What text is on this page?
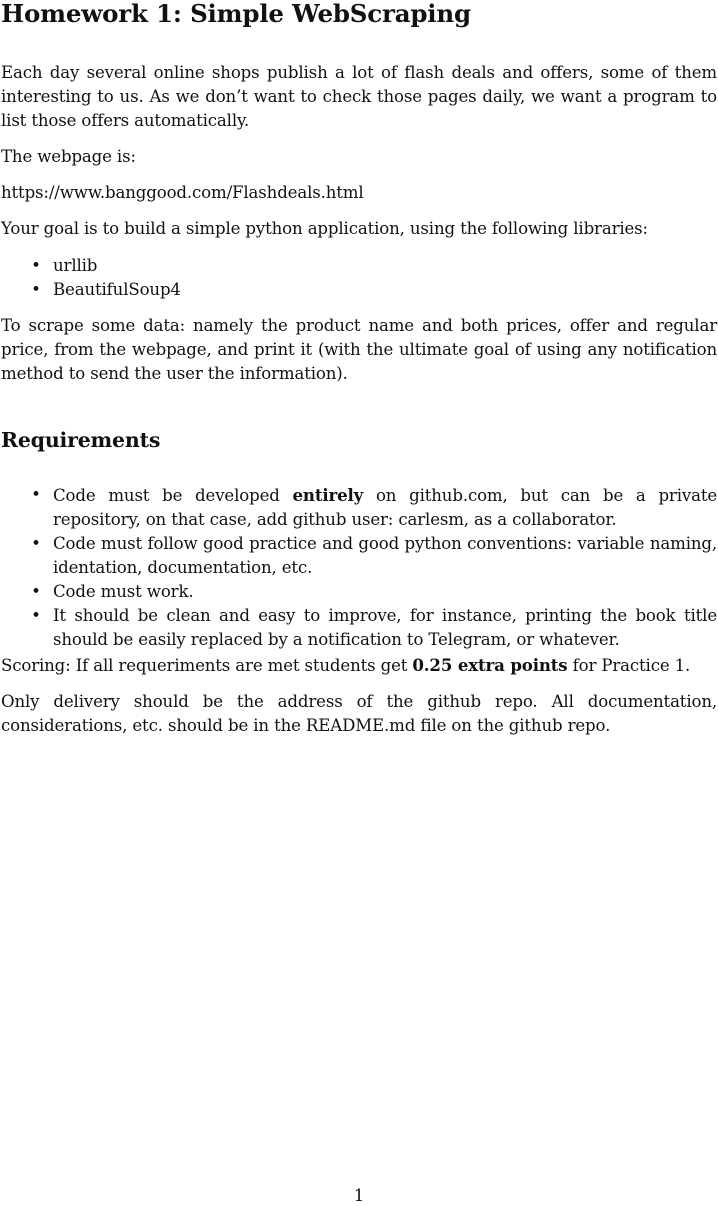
Homework 1: Simple WebScraping

Each day several online shops publish a lot of flash deals and offers, some of them interesting to us. As we don’t want to check those pages daily, we want a program to list those offers automatically.

The webpage is:

https://www.banggood.com/Flashdeals.html

Your goal is to build a simple python application, using the following libraries:

• urllib
• BeautifulSoup4

To scrape some data: namely the product name and both prices, offer and regular price, from the webpage, and print it (with the ultimate goal of using any notification method to send the user the information).

Requirements
• Code must be developed entirely on github.com, but can be a private repository, on that case, add github user: carlesm, as a collaborator.
• Code must follow good practice and good python conventions: variable naming, identation, documentation, etc.
• Code must work.
• It should be clean and easy to improve, for instance, printing the book title should be easily replaced by a notification to Telegram, or whatever.

Scoring: If all requeriments are met students get 0.25 extra points for Practice 1.

Only delivery should be the address of the github repo. All documentation, considerations, etc. should be in the README.md file on the github repo.

1
